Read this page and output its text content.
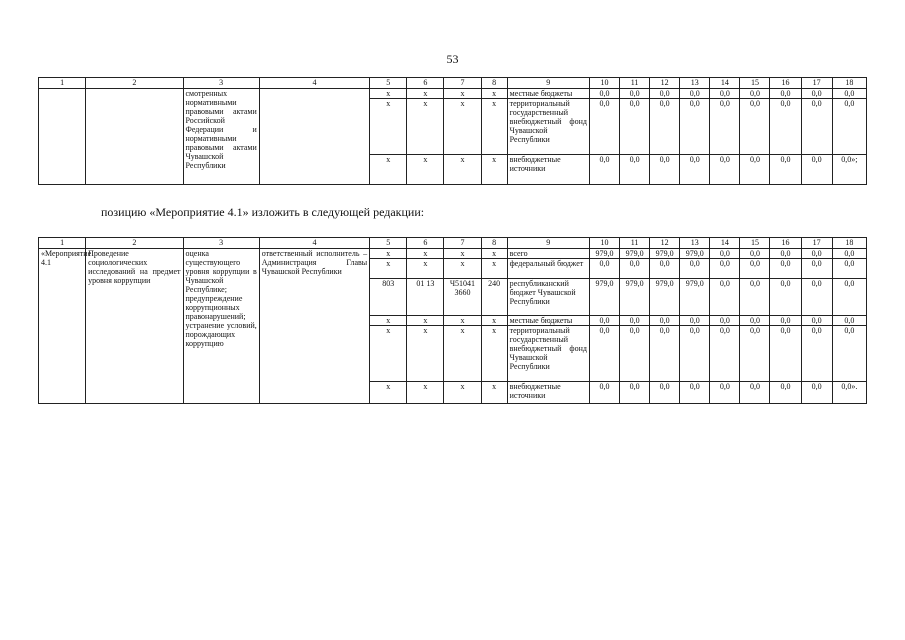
53
1	2	3	4	5	6	7	8	9	10	11	12	13	14	15	16	17	18
		смотренных нормативными правовыми актами Российской Федерации и нормативными правовыми актами Чувашской Республики		x	x	x	x	местные бюджеты	0,0	0,0	0,0	0,0	0,0	0,0	0,0	0,0	0,0
				x	x	x	x	территориальный государственный внебюджетный фонд Чувашской Республики	0,0	0,0	0,0	0,0	0,0	0,0	0,0	0,0	0,0
				x	x	x	x	внебюджетные источники	0,0	0,0	0,0	0,0	0,0	0,0	0,0	0,0	0,0»;
позицию «Мероприятие 4.1» изложить в следующей редакции:
1	2	3	4	5	6	7	8	9	10	11	12	13	14	15	16	17	18
«Мероприятие 4.1	Проведение социологических исследований на предмет уровня коррупции	оценка существующего уровня коррупции в Чувашской Республике; предупреждение коррупционных правонарушений; устранение условий, порождающих коррупцию	ответственный исполнитель – Администрация Главы Чувашской Республики	x	x	x	x	всего	979,0	979,0	979,0	979,0	0,0	0,0	0,0	0,0	0,0
				x	x	x	x	федеральный бюджет	0,0	0,0	0,0	0,0	0,0	0,0	0,0	0,0	0,0
				803	01 13	Ч51041 3660	240	республиканский бюджет Чувашской Республики	979,0	979,0	979,0	979,0	0,0	0,0	0,0	0,0	0,0
				x	x	x	x	местные бюджеты	0,0	0,0	0,0	0,0	0,0	0,0	0,0	0,0	0,0
				x	x	x	x	территориальный государственный внебюджетный фонд Чувашской Республики	0,0	0,0	0,0	0,0	0,0	0,0	0,0	0,0	0,0
				x	x	x	x	внебюджетные источники	0,0	0,0	0,0	0,0	0,0	0,0	0,0	0,0	0,0».
